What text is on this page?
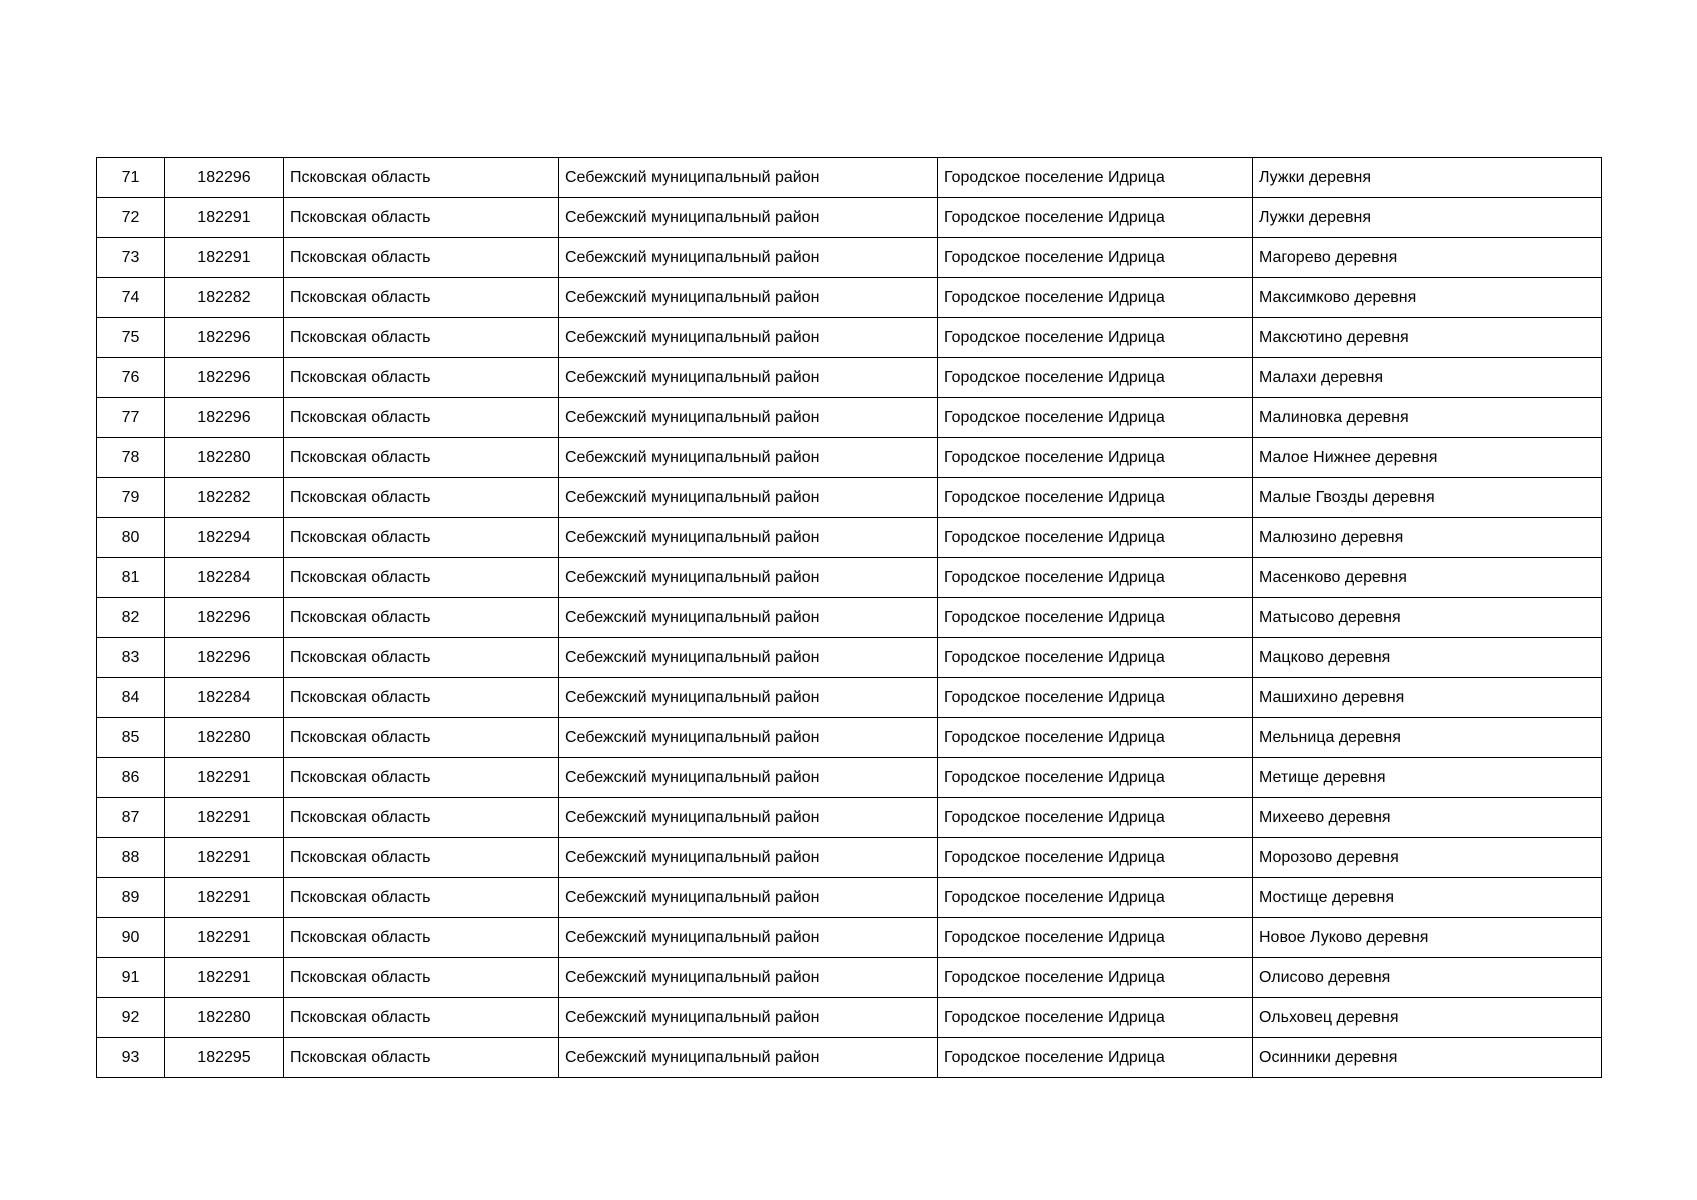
71	182296	Псковская область	Себежский муниципальный район	Городское поселение Идрица	Лужки деревня
72	182291	Псковская область	Себежский муниципальный район	Городское поселение Идрица	Лужки деревня
73	182291	Псковская область	Себежский муниципальный район	Городское поселение Идрица	Магорево деревня
74	182282	Псковская область	Себежский муниципальный район	Городское поселение Идрица	Максимково деревня
75	182296	Псковская область	Себежский муниципальный район	Городское поселение Идрица	Максютино деревня
76	182296	Псковская область	Себежский муниципальный район	Городское поселение Идрица	Малахи деревня
77	182296	Псковская область	Себежский муниципальный район	Городское поселение Идрица	Малиновка деревня
78	182280	Псковская область	Себежский муниципальный район	Городское поселение Идрица	Малое Нижнее деревня
79	182282	Псковская область	Себежский муниципальный район	Городское поселение Идрица	Малые Гвозды деревня
80	182294	Псковская область	Себежский муниципальный район	Городское поселение Идрица	Малюзино деревня
81	182284	Псковская область	Себежский муниципальный район	Городское поселение Идрица	Масенково деревня
82	182296	Псковская область	Себежский муниципальный район	Городское поселение Идрица	Матысово деревня
83	182296	Псковская область	Себежский муниципальный район	Городское поселение Идрица	Мацково деревня
84	182284	Псковская область	Себежский муниципальный район	Городское поселение Идрица	Машихино деревня
85	182280	Псковская область	Себежский муниципальный район	Городское поселение Идрица	Мельница деревня
86	182291	Псковская область	Себежский муниципальный район	Городское поселение Идрица	Метище деревня
87	182291	Псковская область	Себежский муниципальный район	Городское поселение Идрица	Михеево деревня
88	182291	Псковская область	Себежский муниципальный район	Городское поселение Идрица	Морозово деревня
89	182291	Псковская область	Себежский муниципальный район	Городское поселение Идрица	Мостище деревня
90	182291	Псковская область	Себежский муниципальный район	Городское поселение Идрица	Новое Луково деревня
91	182291	Псковская область	Себежский муниципальный район	Городское поселение Идрица	Олисово деревня
92	182280	Псковская область	Себежский муниципальный район	Городское поселение Идрица	Ольховец деревня
93	182295	Псковская область	Себежский муниципальный район	Городское поселение Идрица	Осинники деревня
